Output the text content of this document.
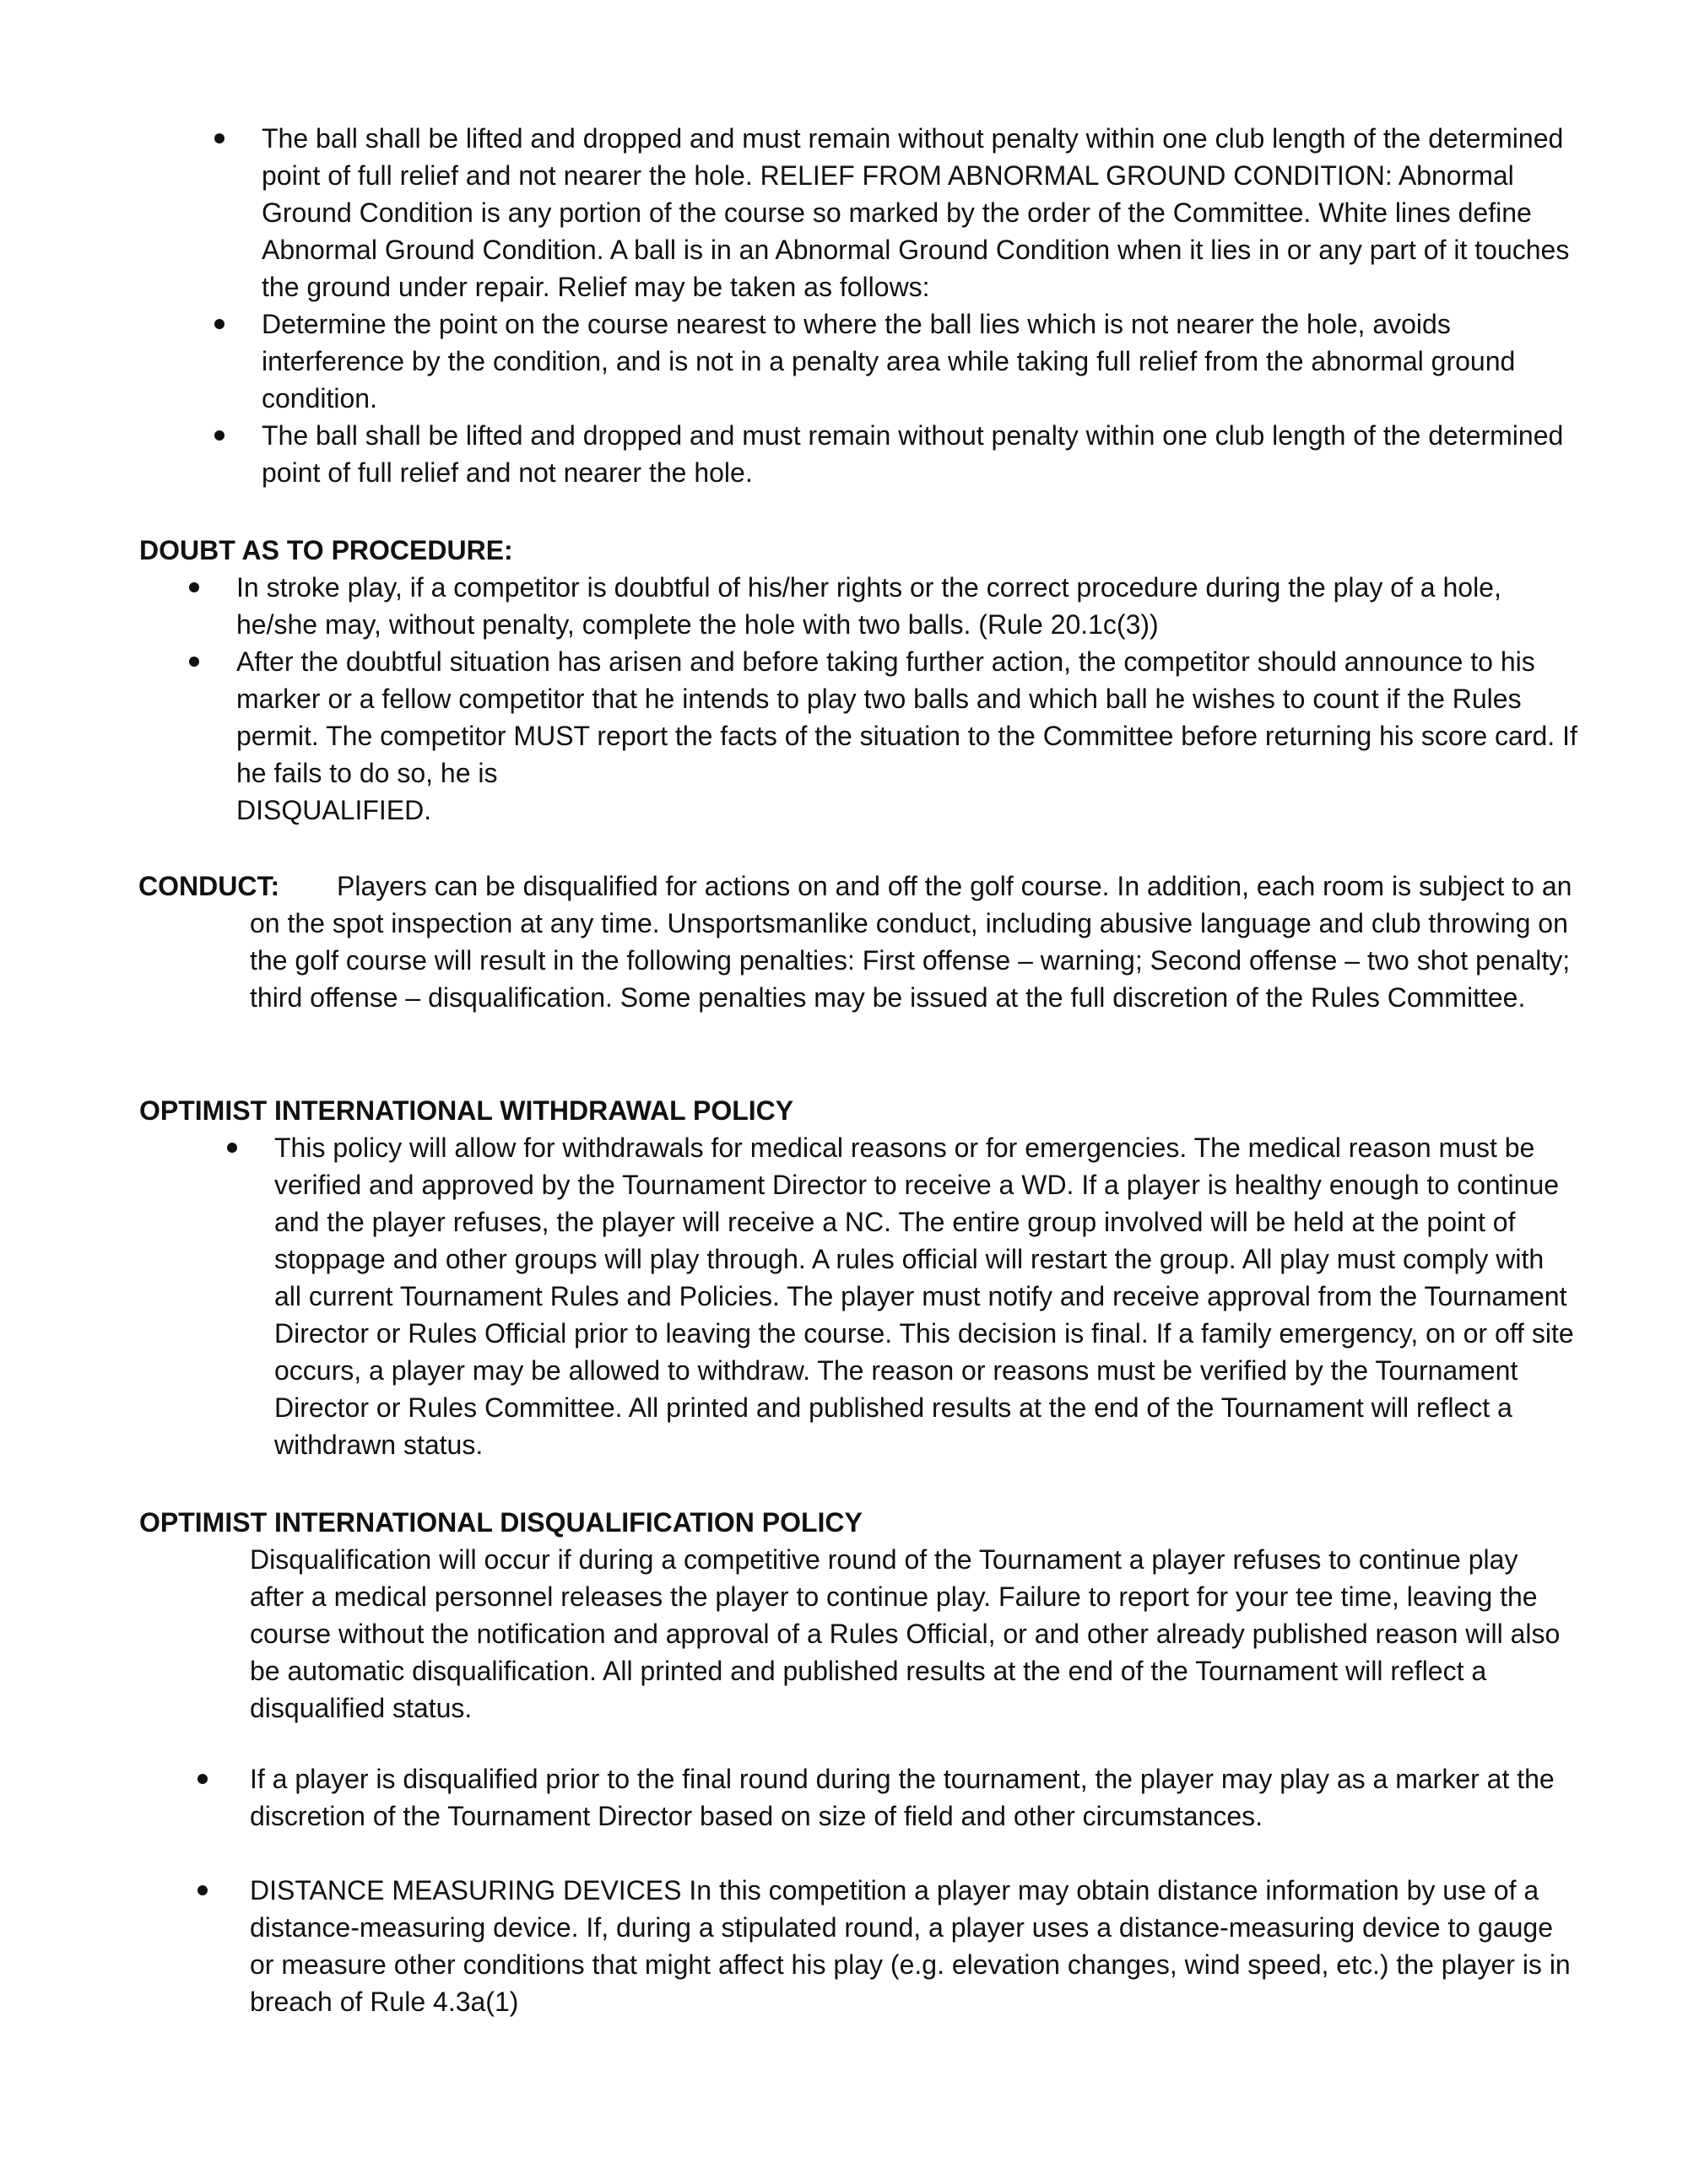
The ball shall be lifted and dropped and must remain without penalty within one club length of the determined point of full relief and not nearer the hole. RELIEF FROM ABNORMAL GROUND CONDITION: Abnormal Ground Condition is any portion of the course so marked by the order of the Committee. White lines define Abnormal Ground Condition. A ball is in an Abnormal Ground Condition when it lies in or any part of it touches the ground under repair. Relief may be taken as follows:
Determine the point on the course nearest to where the ball lies which is not nearer the hole, avoids interference by the condition, and is not in a penalty area while taking full relief from the abnormal ground condition.
The ball shall be lifted and dropped and must remain without penalty within one club length of the determined point of full relief and not nearer the hole.
DOUBT AS TO PROCEDURE:
In stroke play, if a competitor is doubtful of his/her rights or the correct procedure during the play of a hole, he/she may, without penalty, complete the hole with two balls. (Rule 20.1c(3))
After the doubtful situation has arisen and before taking further action, the competitor should announce to his marker or a fellow competitor that he intends to play two balls and which ball he wishes to count if the Rules permit. The competitor MUST report the facts of the situation to the Committee before returning his score card. If he fails to do so, he is
DISQUALIFIED.
CONDUCT: Players can be disqualified for actions on and off the golf course. In addition, each room is subject to an on the spot inspection at any time. Unsportsmanlike conduct, including abusive language and club throwing on the golf course will result in the following penalties: First offense – warning; Second offense – two shot penalty; third offense – disqualification. Some penalties may be issued at the full discretion of the Rules Committee.
OPTIMIST INTERNATIONAL WITHDRAWAL POLICY
This policy will allow for withdrawals for medical reasons or for emergencies. The medical reason must be verified and approved by the Tournament Director to receive a WD. If a player is healthy enough to continue and the player refuses, the player will receive a NC. The entire group involved will be held at the point of stoppage and other groups will play through. A rules official will restart the group. All play must comply with all current Tournament Rules and Policies. The player must notify and receive approval from the Tournament Director or Rules Official prior to leaving the course. This decision is final. If a family emergency, on or off site occurs, a player may be allowed to withdraw. The reason or reasons must be verified by the Tournament Director or Rules Committee. All printed and published results at the end of the Tournament will reflect a withdrawn status.
OPTIMIST INTERNATIONAL DISQUALIFICATION POLICY
Disqualification will occur if during a competitive round of the Tournament a player refuses to continue play after a medical personnel releases the player to continue play. Failure to report for your tee time, leaving the course without the notification and approval of a Rules Official, or and other already published reason will also be automatic disqualification. All printed and published results at the end of the Tournament will reflect a disqualified status.
If a player is disqualified prior to the final round during the tournament, the player may play as a marker at the discretion of the Tournament Director based on size of field and other circumstances.
DISTANCE MEASURING DEVICES In this competition a player may obtain distance information by use of a distance-measuring device. If, during a stipulated round, a player uses a distance-measuring device to gauge or measure other conditions that might affect his play (e.g. elevation changes, wind speed, etc.) the player is in breach of Rule 4.3a(1)
